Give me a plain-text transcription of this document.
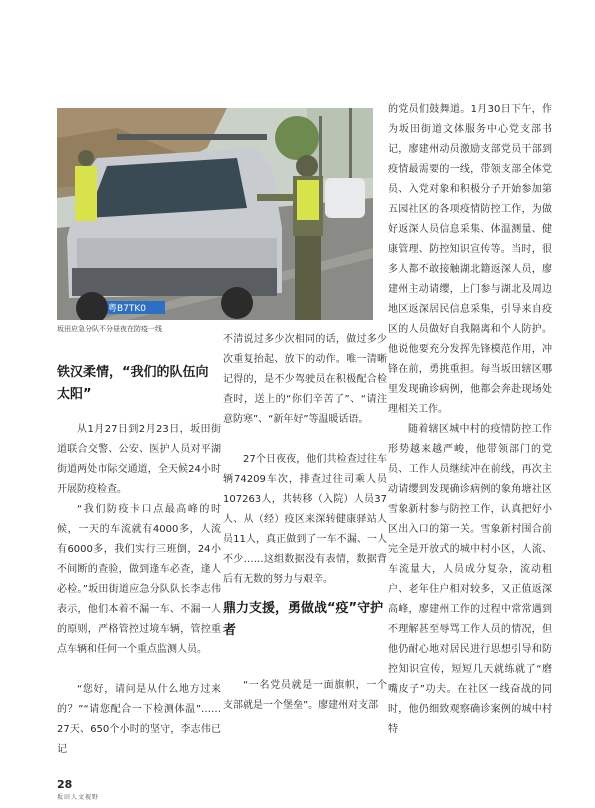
粤B7TK0
坂田应急分队不分昼夜在防疫一线
铁汉柔情，“我们的队伍向
太阳”

从1月27日到2月23日，坂田街道联合交警、公安、医护人员对平湖街道两处市际交通道，全天候24小时开展防疫检查。

“我们防疫卡口点最高峰的时候，一天的车流就有4000多，人流有6000多，我们实行三班倒，24小不间断的查验，做到逢车必查，逢人必检。”坂田街道应急分队队长李志伟表示，他们本着不漏一车、不漏一人的原则，严格管控过境车辆，管控重点车辆和任何一个重点监测人员。

“您好，请问是从什么地方过来的？”“请您配合一下检测体温”……27天、650个小时的坚守，李志伟已记

不清说过多少次相同的话，做过多少次重复抬起、放下的动作。唯一清晰记得的，是不少驾驶员在积极配合检查时，送上的“你们辛苦了”、“请注意防寒”、“新年好”等温暖话语。

27个日夜夜，他们共检查过往车辆74209车次，排查过往司乘人员107263人，共转移（入院）人员37人、从（经）疫区来深转健康驿站人员11人，真正做到了一车不漏、一人不少……这组数据没有表情，数据背后有无数的努力与艰辛。

鼎力支援，勇做战“疫”守护
者

“一名党员就是一面旗帜，一个支部就是一个堡垒”。廖建州对支部

的党员们鼓舞道。1月30日下午，作为坂田街道文体服务中心党支部书记，廖建州动员激励支部党员干部到疫情最需要的一线，带领支部全体党员、入党对象和积极分子开始参加第五园社区的各项疫情防控工作，为做好返深人员信息采集、体温测量、健康管理、防控知识宣传等。当时，很多人都不敢接触湖北籍返深人员，廖建州主动请缨，上门参与湖北及周边地区返深居民信息采集，引导来自疫区的人员做好自我隔离和个人防护。他说他要充分发挥先锋模范作用，冲锋在前，勇挑重担。每当坂田辖区哪里发现确诊病例，他都会奔赴现场处理相关工作。

随着辖区城中村的疫情防控工作形势越来越严峻，他带领部门的党员、工作人员继续冲在前线，再次主动请缨到发现确诊病例的象角塘社区雪象新村参与防控工作，认真把好小区出入口的第一关。雪象新村围合前完全是开放式的城中村小区，人流、车流量大，人员成分复杂，流动租户、老年住户相对较多，又正值返深高峰，廖建州工作的过程中常常遇到不理解甚至辱骂工作人员的情况，但他仍耐心地对居民进行思想引导和防控知识宣传，短短几天就练就了“磨嘴皮子”功夫。在社区一线奋战的同时，他仍细致观察确诊案例的城中村特

28
坂田人文视野
